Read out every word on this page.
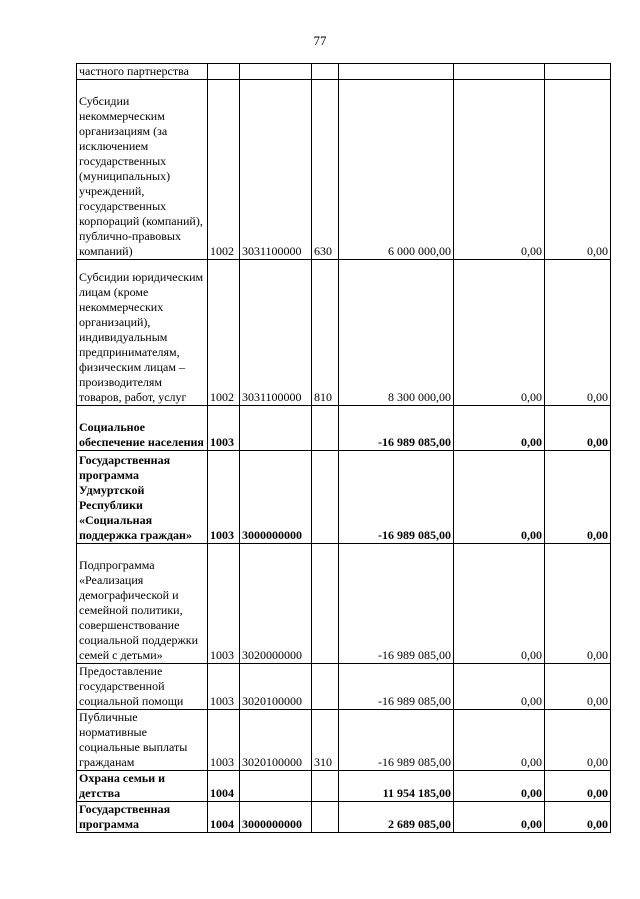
77
частного партнерства						
Субсидии некоммерческим организациям (за исключением государственных (муниципальных) учреждений, государственных корпораций (компаний), публично-правовых компаний)	1002	3031100000	630	6 000 000,00	0,00	0,00
Субсидии юридическим лицам (кроме некоммерческих организаций), индивидуальным предпринимателям, физическим лицам – производителям товаров, работ, услуг	1002	3031100000	810	8 300 000,00	0,00	0,00
Социальное обеспечение населения	1003			-16 989 085,00	0,00	0,00
Государственная программа Удмуртской Республики «Социальная поддержка граждан»	1003	3000000000		-16 989 085,00	0,00	0,00
Подпрограмма «Реализация демографической и семейной политики, совершенствование социальной поддержки семей с детьми»	1003	3020000000		-16 989 085,00	0,00	0,00
Предоставление государственной социальной помощи	1003	3020100000		-16 989 085,00	0,00	0,00
Публичные нормативные социальные выплаты гражданам	1003	3020100000	310	-16 989 085,00	0,00	0,00
Охрана семьи и детства	1004			11 954 185,00	0,00	0,00
Государственная программа	1004	3000000000		2 689 085,00	0,00	0,00
